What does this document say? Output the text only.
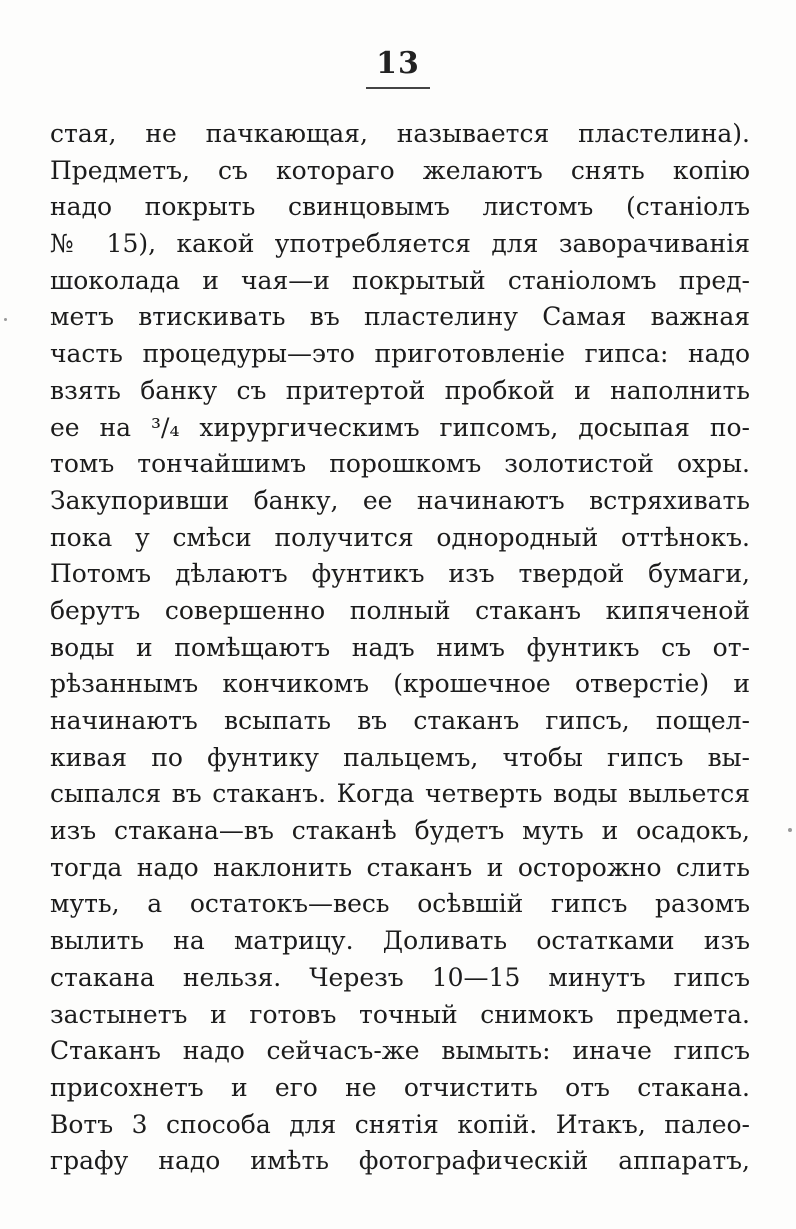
13
стая, не пачкающая, называется пластелина).
Предметъ, съ котораго желаютъ снять копію
надо покрыть свинцовымъ листомъ (станіолъ
№ 15), какой употребляется для заворачиванія
шоколада и чая—и покрытый станіоломъ пред-
метъ втискивать въ пластелину Самая важная
часть процедуры—это приготовленіе гипса: надо
взять банку съ притертой пробкой и наполнить
ее на ³/₄ хирургическимъ гипсомъ, досыпая по-
томъ тончайшимъ порошкомъ золотистой охры.
Закупоривши банку, ее начинаютъ встряхивать
пока у смѣси получится однородный оттѣнокъ.
Потомъ дѣлаютъ фунтикъ изъ твердой бумаги,
берутъ совершенно полный стаканъ кипяченой
воды и помѣщаютъ надъ нимъ фунтикъ съ от-
рѣзаннымъ кончикомъ (крошечное отверстіе) и
начинаютъ всыпать въ стаканъ гипсъ, пощел-
кивая по фунтику пальцемъ, чтобы гипсъ вы-
сыпался въ стаканъ. Когда четверть воды выльется
изъ стакана—въ стаканѣ будетъ муть и осадокъ,
тогда надо наклонить стаканъ и осторожно слить
муть, а остатокъ—весь осѣвшій гипсъ разомъ
вылить на матрицу. Доливать остатками изъ
стакана нельзя. Черезъ 10—15 минутъ гипсъ
застынетъ и готовъ точный снимокъ предмета.
Стаканъ надо сейчасъ-же вымыть: иначе гипсъ
присохнетъ и его не отчистить отъ стакана.
Вотъ 3 способа для снятія копій. Итакъ, палео-
графу надо имѣть фотографическій аппаратъ,
